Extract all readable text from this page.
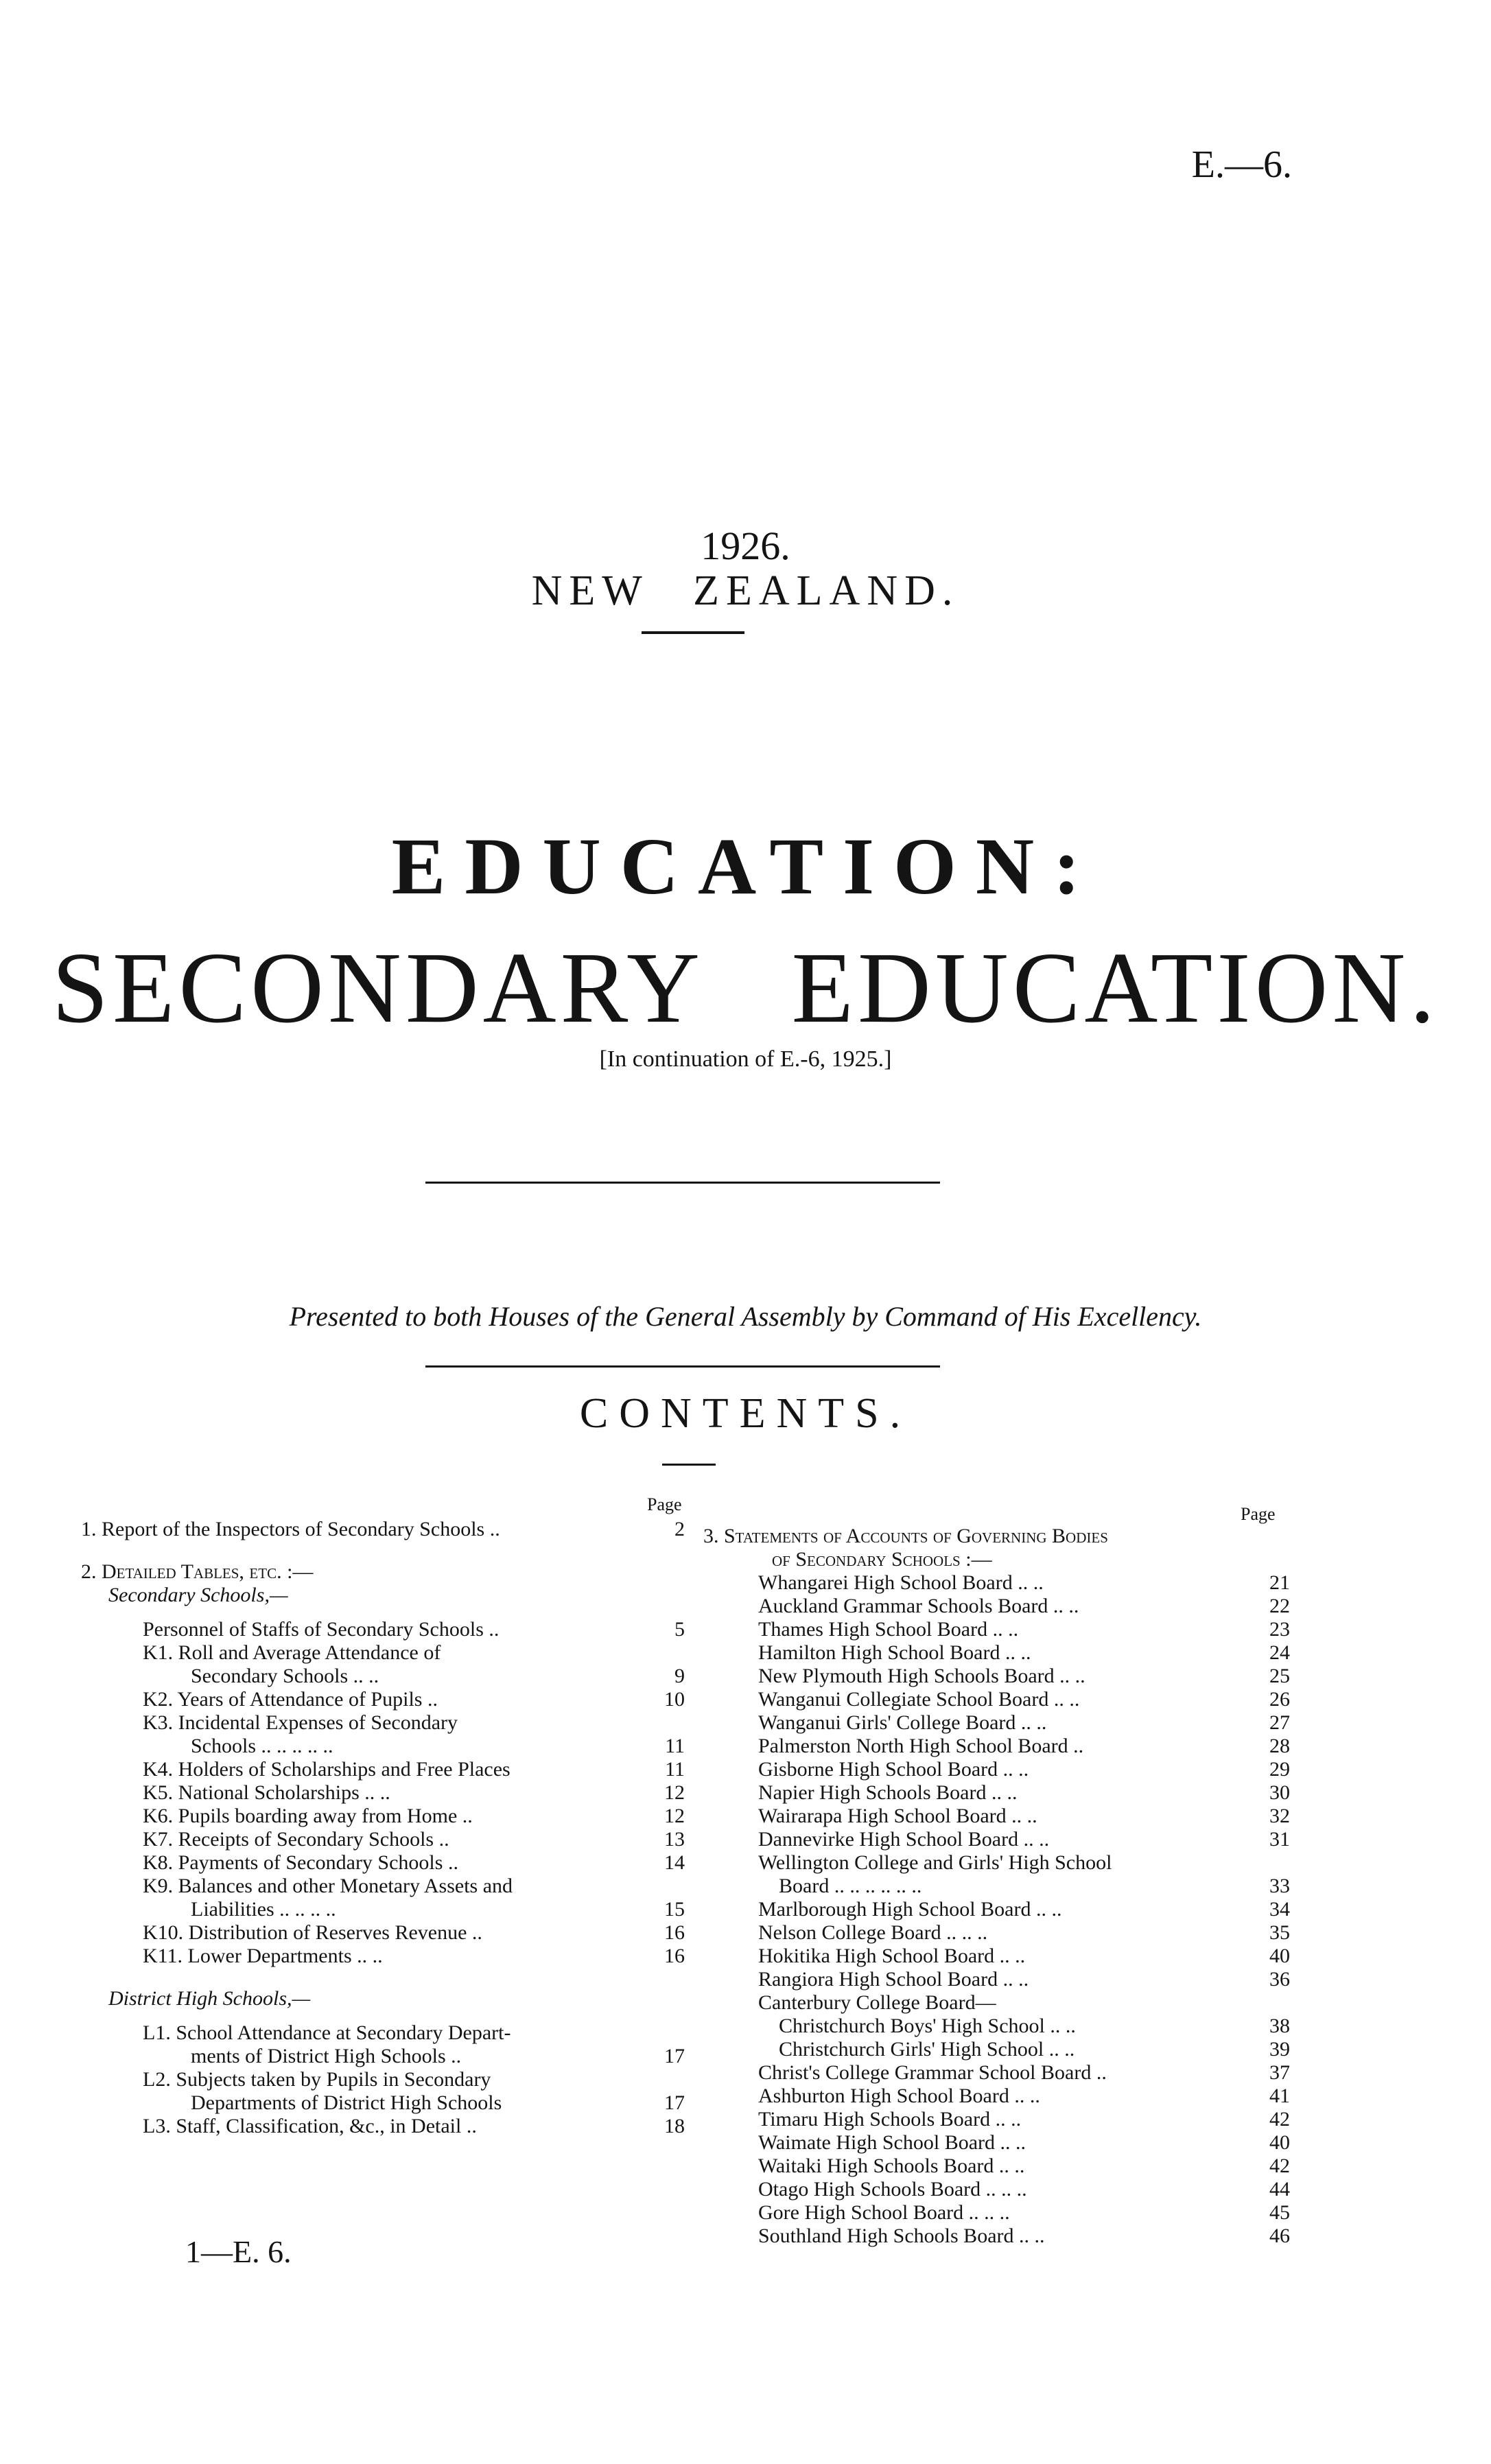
E.—6.
1926.
NEW ZEALAND.
EDUCATION:
SECONDARY EDUCATION.
[In continuation of E.-6, 1925.]
Presented to both Houses of the General Assembly by Command of His Excellency.
CONTENTS.
Page	Page
1. Report of the Inspectors of Secondary Schools ..	2
2. Detailed Tables, etc. :—
Secondary Schools,—
Personnel of Staffs of Secondary Schools ..	5
K1. Roll and Average Attendance of
Secondary Schools .. ..	9
K2. Years of Attendance of Pupils ..	10
K3. Incidental Expenses of Secondary
Schools .. .. .. .. ..	11
K4. Holders of Scholarships and Free Places	11
K5. National Scholarships .. ..	12
K6. Pupils boarding away from Home ..	12
K7. Receipts of Secondary Schools ..	13
K8. Payments of Secondary Schools ..	14
K9. Balances and other Monetary Assets and
Liabilities .. .. .. ..	15
K10. Distribution of Reserves Revenue ..	16
K11. Lower Departments .. ..	16
District High Schools,—
L1. School Attendance at Secondary Depart-
ments of District High Schools ..	17
L2. Subjects taken by Pupils in Secondary
Departments of District High Schools	17
L3. Staff, Classification, &c., in Detail ..	18
3. Statements of Accounts of Governing Bodies
of Secondary Schools :—
Whangarei High School Board .. ..	21
Auckland Grammar Schools Board .. ..	22
Thames High School Board .. ..	23
Hamilton High School Board .. ..	24
New Plymouth High Schools Board .. ..	25
Wanganui Collegiate School Board .. ..	26
Wanganui Girls' College Board .. ..	27
Palmerston North High School Board ..	28
Gisborne High School Board .. ..	29
Napier High Schools Board .. ..	30
Wairarapa High School Board .. ..	32
Dannevirke High School Board .. ..	31
Wellington College and Girls' High School
Board .. .. .. .. .. ..	33
Marlborough High School Board .. ..	34
Nelson College Board .. .. ..	35
Hokitika High School Board .. ..	40
Rangiora High School Board .. ..	36
Canterbury College Board—
Christchurch Boys' High School .. ..	38
Christchurch Girls' High School .. ..	39
Christ's College Grammar School Board ..	37
Ashburton High School Board .. ..	41
Timaru High Schools Board .. ..	42
Waimate High School Board .. ..	40
Waitaki High Schools Board .. ..	42
Otago High Schools Board .. .. ..	44
Gore High School Board .. .. ..	45
Southland High Schools Board .. ..	46
1—E. 6.
